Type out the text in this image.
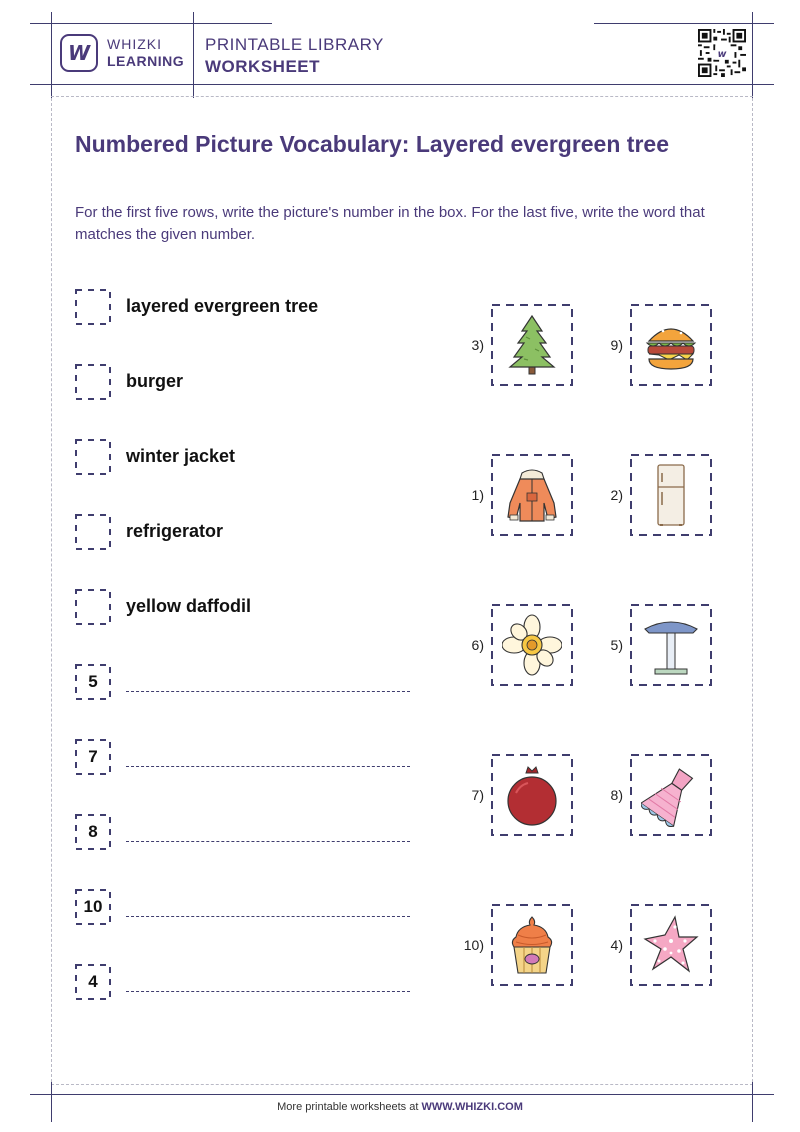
W WHIZKI
LEARNING
PRINTABLE LIBRARY
WORKSHEET
w
Numbered Picture Vocabulary: Layered evergreen tree
For the first five rows, write the picture's number in the box. For the last five, write the word that matches the given number.
layered evergreen tree
burger
winter jacket
refrigerator
yellow daffodil
5
7
8
10
4
3)	9)
1)	2)
6)	5)
7)	8)
10)	4)
More printable worksheets at WWW.WHIZKI.COM
